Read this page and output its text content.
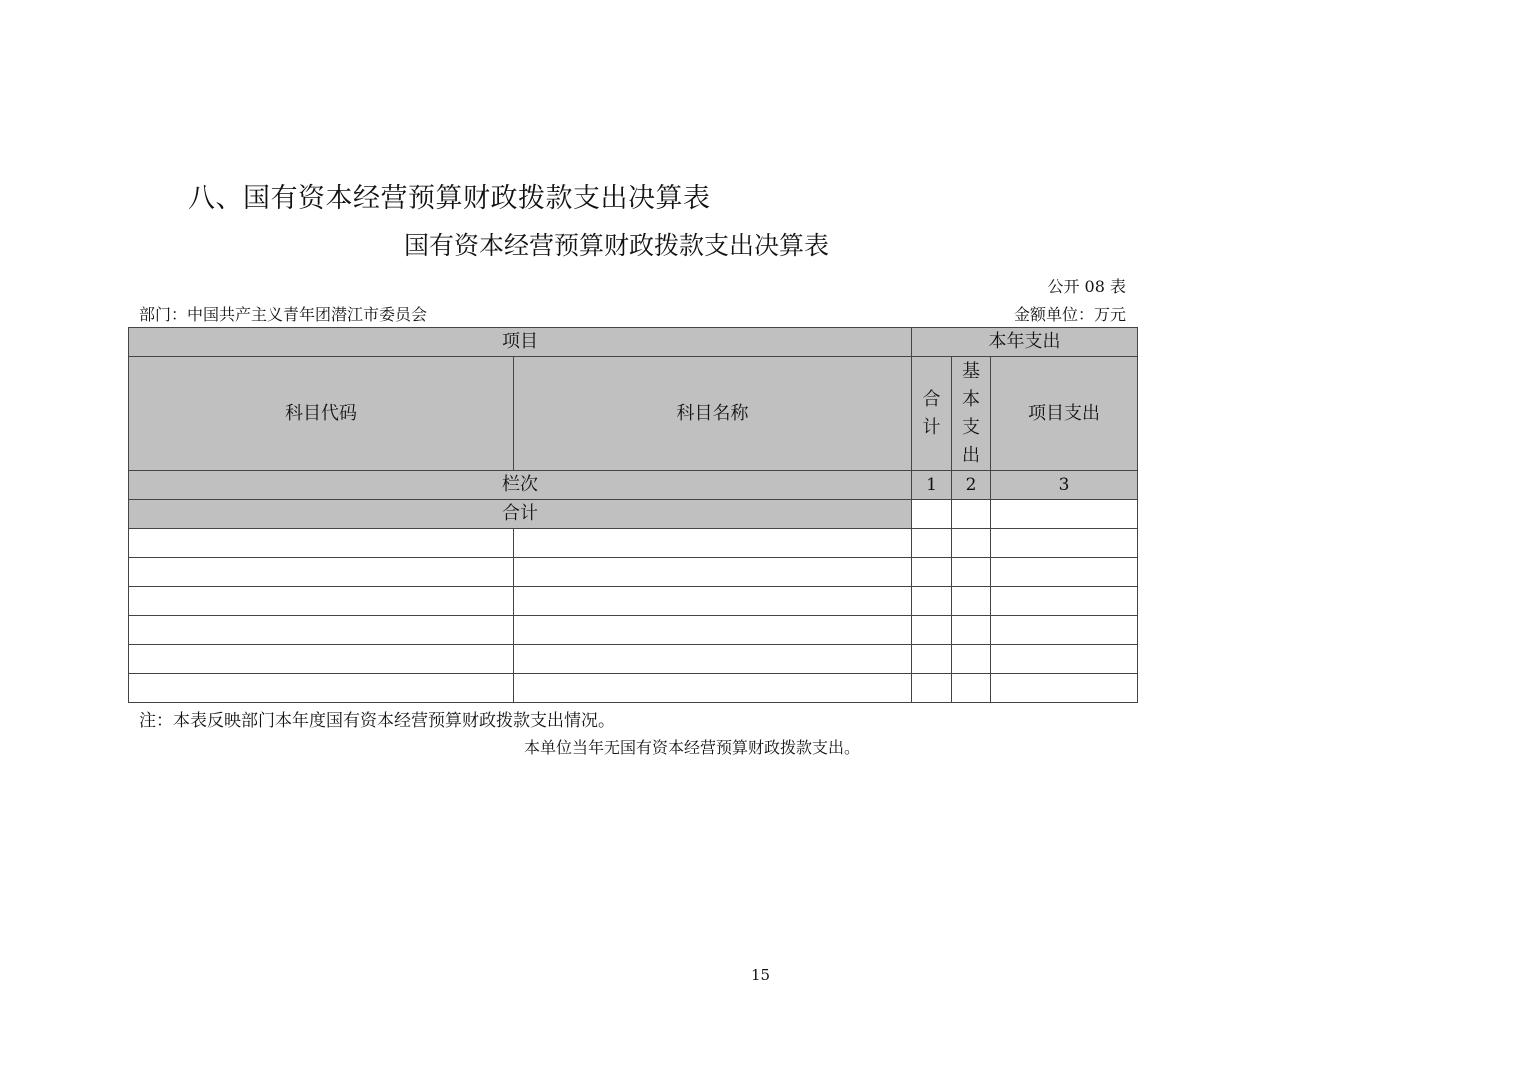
八、国有资本经营预算财政拨款支出决算表
国有资本经营预算财政拨款支出决算表
公开 08 表
部门：中国共产主义青年团潜江市委员会	金额单位：万元
项目		本年支出		
科目代码	科目名称	合计	基本支出	项目支出
栏次		1	2	3
合计				

注：本表反映部门本年度国有资本经营预算财政拨款支出情况。
本单位当年无国有资本经营预算财政拨款支出。
15
